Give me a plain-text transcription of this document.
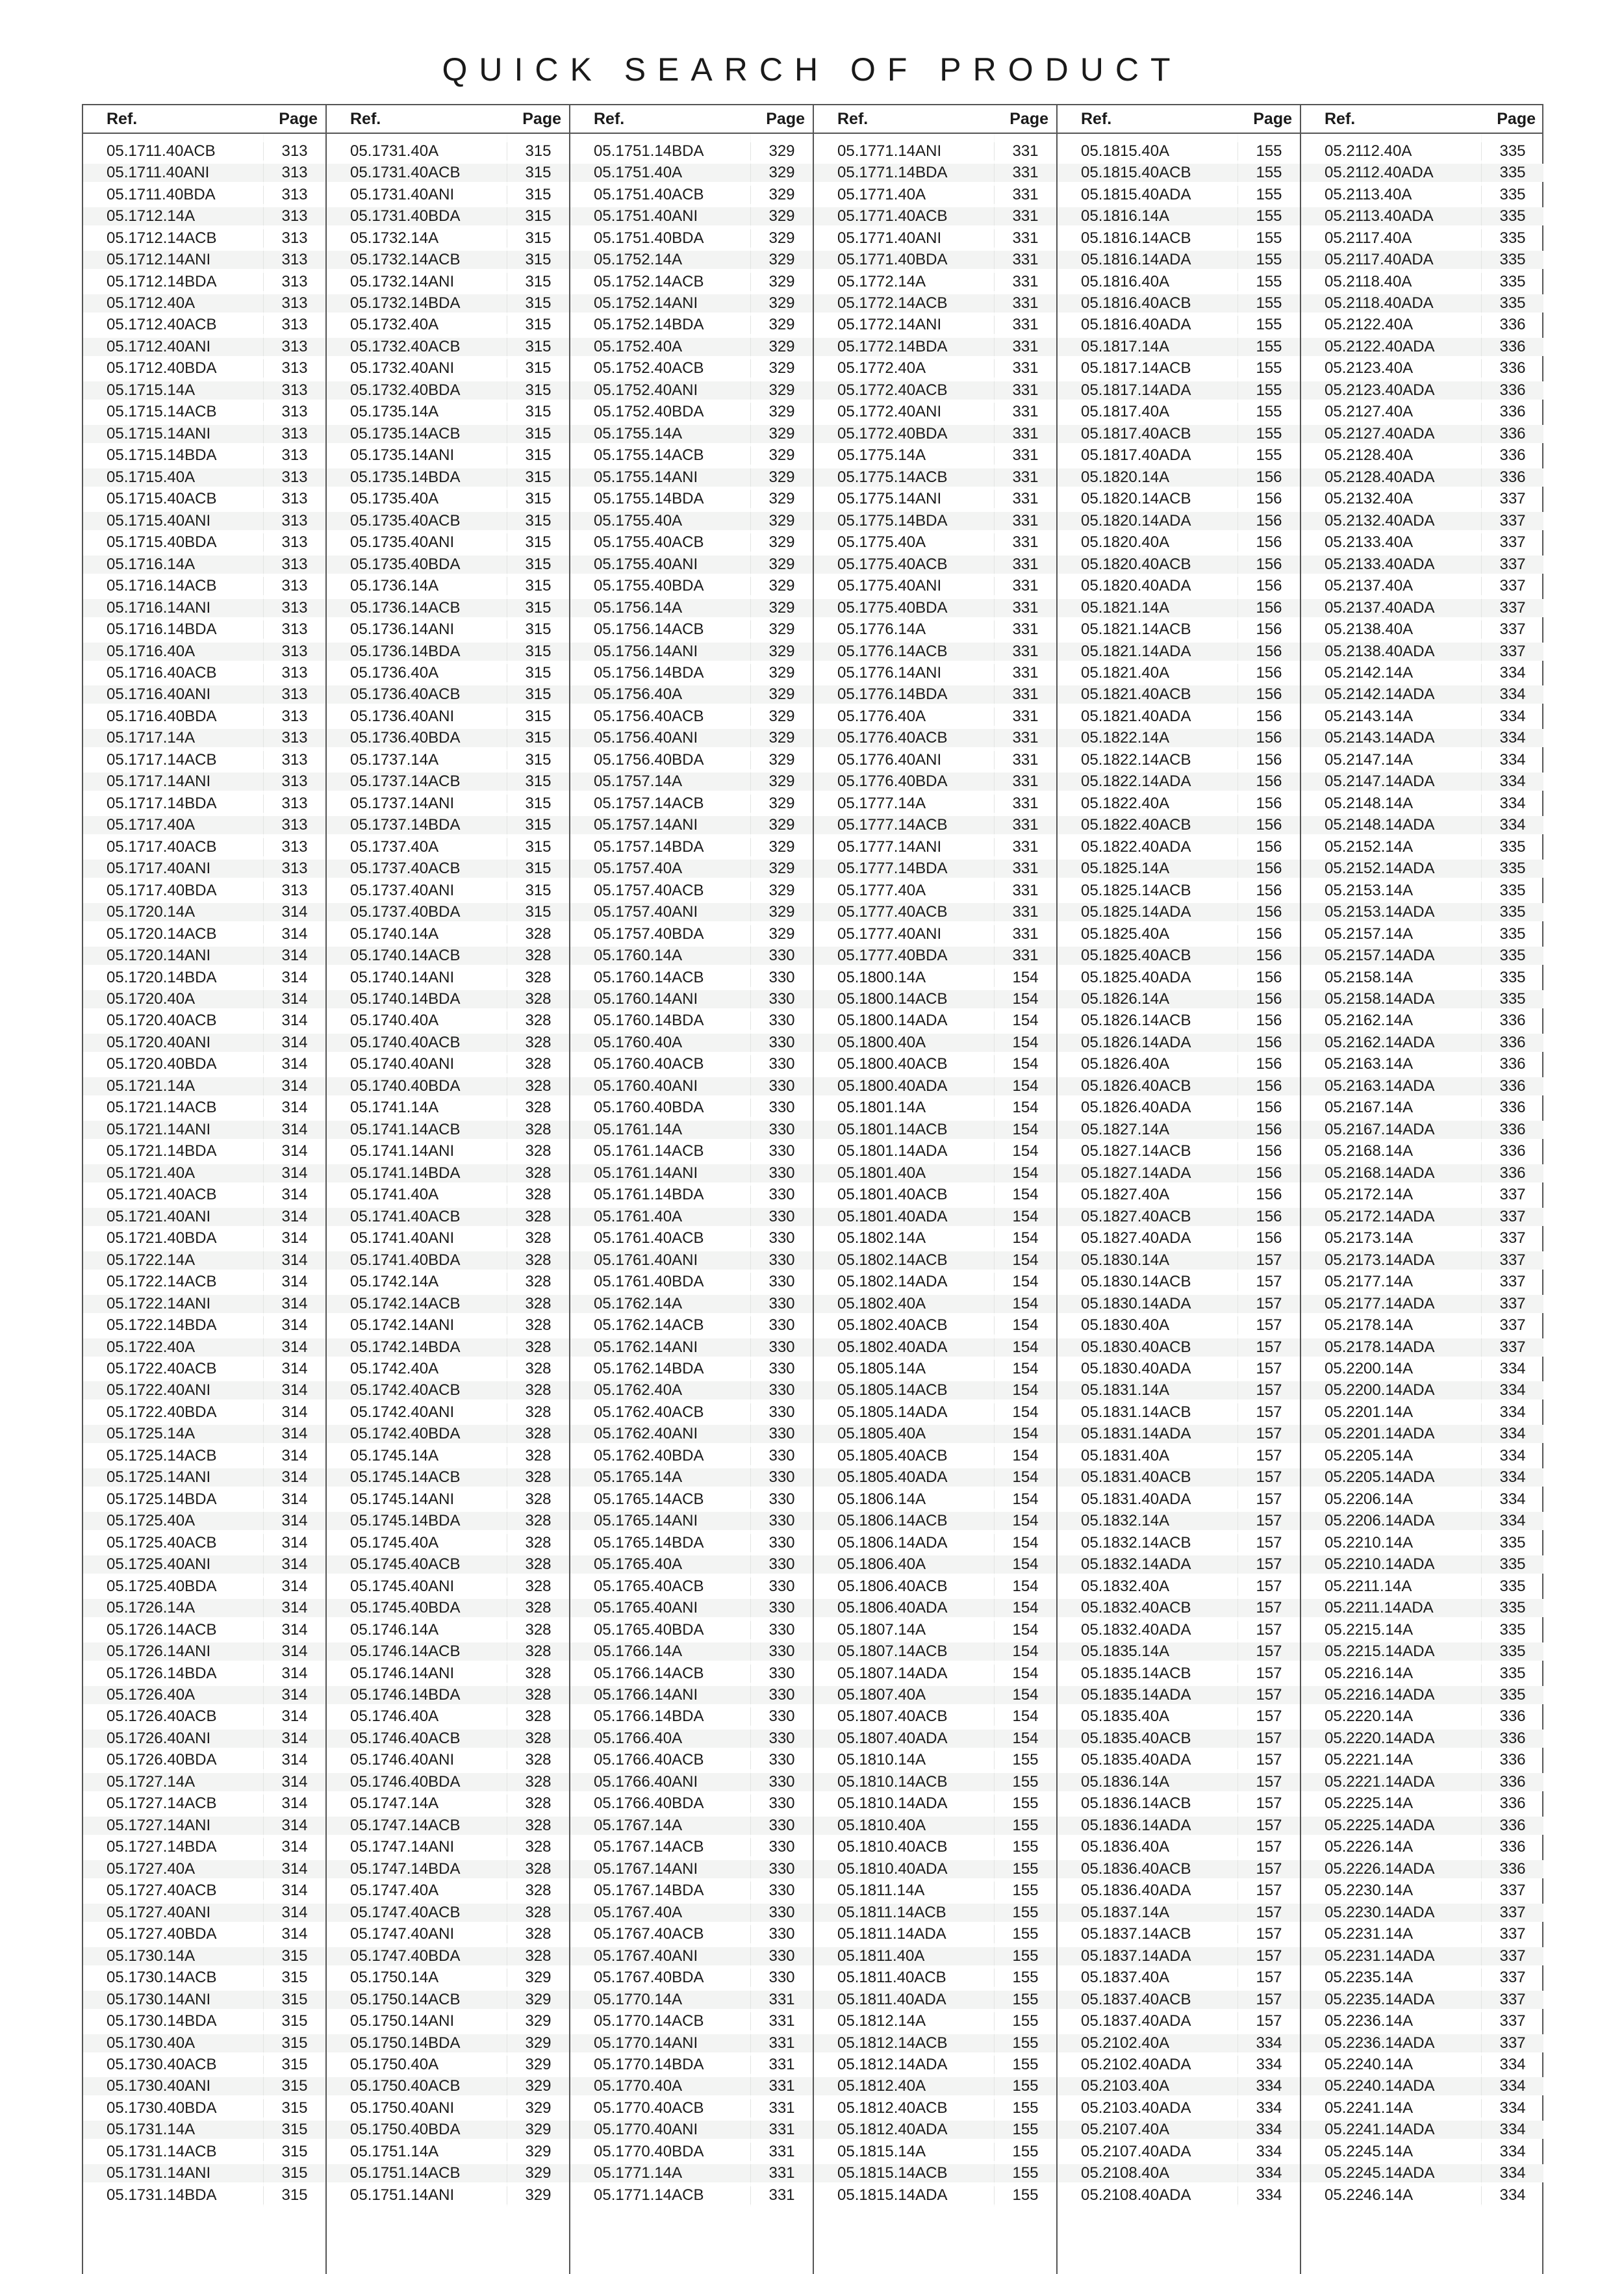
QUICK SEARCH OF PRODUCT
Ref.	Page
05.1711.40ACB	313
05.1711.40ANI	313
05.1711.40BDA	313
05.1712.14A	313
05.1712.14ACB	313
05.1712.14ANI	313
05.1712.14BDA	313
05.1712.40A	313
05.1712.40ACB	313
05.1712.40ANI	313
05.1712.40BDA	313
05.1715.14A	313
05.1715.14ACB	313
05.1715.14ANI	313
05.1715.14BDA	313
05.1715.40A	313
05.1715.40ACB	313
05.1715.40ANI	313
05.1715.40BDA	313
05.1716.14A	313
05.1716.14ACB	313
05.1716.14ANI	313
05.1716.14BDA	313
05.1716.40A	313
05.1716.40ACB	313
05.1716.40ANI	313
05.1716.40BDA	313
05.1717.14A	313
05.1717.14ACB	313
05.1717.14ANI	313
05.1717.14BDA	313
05.1717.40A	313
05.1717.40ACB	313
05.1717.40ANI	313
05.1717.40BDA	313
05.1720.14A	314
05.1720.14ACB	314
05.1720.14ANI	314
05.1720.14BDA	314
05.1720.40A	314
05.1720.40ACB	314
05.1720.40ANI	314
05.1720.40BDA	314
05.1721.14A	314
05.1721.14ACB	314
05.1721.14ANI	314
05.1721.14BDA	314
05.1721.40A	314
05.1721.40ACB	314
05.1721.40ANI	314
05.1721.40BDA	314
05.1722.14A	314
05.1722.14ACB	314
05.1722.14ANI	314
05.1722.14BDA	314
05.1722.40A	314
05.1722.40ACB	314
05.1722.40ANI	314
05.1722.40BDA	314
05.1725.14A	314
05.1725.14ACB	314
05.1725.14ANI	314
05.1725.14BDA	314
05.1725.40A	314
05.1725.40ACB	314
05.1725.40ANI	314
05.1725.40BDA	314
05.1726.14A	314
05.1726.14ACB	314
05.1726.14ANI	314
05.1726.14BDA	314
05.1726.40A	314
05.1726.40ACB	314
05.1726.40ANI	314
05.1726.40BDA	314
05.1727.14A	314
05.1727.14ACB	314
05.1727.14ANI	314
05.1727.14BDA	314
05.1727.40A	314
05.1727.40ACB	314
05.1727.40ANI	314
05.1727.40BDA	314
05.1730.14A	315
05.1730.14ACB	315
05.1730.14ANI	315
05.1730.14BDA	315
05.1730.40A	315
05.1730.40ACB	315
05.1730.40ANI	315
05.1730.40BDA	315
05.1731.14A	315
05.1731.14ACB	315
05.1731.14ANI	315
05.1731.14BDA	315
Ref.	Page
05.1731.40A	315
05.1731.40ACB	315
05.1731.40ANI	315
05.1731.40BDA	315
05.1732.14A	315
05.1732.14ACB	315
05.1732.14ANI	315
05.1732.14BDA	315
05.1732.40A	315
05.1732.40ACB	315
05.1732.40ANI	315
05.1732.40BDA	315
05.1735.14A	315
05.1735.14ACB	315
05.1735.14ANI	315
05.1735.14BDA	315
05.1735.40A	315
05.1735.40ACB	315
05.1735.40ANI	315
05.1735.40BDA	315
05.1736.14A	315
05.1736.14ACB	315
05.1736.14ANI	315
05.1736.14BDA	315
05.1736.40A	315
05.1736.40ACB	315
05.1736.40ANI	315
05.1736.40BDA	315
05.1737.14A	315
05.1737.14ACB	315
05.1737.14ANI	315
05.1737.14BDA	315
05.1737.40A	315
05.1737.40ACB	315
05.1737.40ANI	315
05.1737.40BDA	315
05.1740.14A	328
05.1740.14ACB	328
05.1740.14ANI	328
05.1740.14BDA	328
05.1740.40A	328
05.1740.40ACB	328
05.1740.40ANI	328
05.1740.40BDA	328
05.1741.14A	328
05.1741.14ACB	328
05.1741.14ANI	328
05.1741.14BDA	328
05.1741.40A	328
05.1741.40ACB	328
05.1741.40ANI	328
05.1741.40BDA	328
05.1742.14A	328
05.1742.14ACB	328
05.1742.14ANI	328
05.1742.14BDA	328
05.1742.40A	328
05.1742.40ACB	328
05.1742.40ANI	328
05.1742.40BDA	328
05.1745.14A	328
05.1745.14ACB	328
05.1745.14ANI	328
05.1745.14BDA	328
05.1745.40A	328
05.1745.40ACB	328
05.1745.40ANI	328
05.1745.40BDA	328
05.1746.14A	328
05.1746.14ACB	328
05.1746.14ANI	328
05.1746.14BDA	328
05.1746.40A	328
05.1746.40ACB	328
05.1746.40ANI	328
05.1746.40BDA	328
05.1747.14A	328
05.1747.14ACB	328
05.1747.14ANI	328
05.1747.14BDA	328
05.1747.40A	328
05.1747.40ACB	328
05.1747.40ANI	328
05.1747.40BDA	328
05.1750.14A	329
05.1750.14ACB	329
05.1750.14ANI	329
05.1750.14BDA	329
05.1750.40A	329
05.1750.40ACB	329
05.1750.40ANI	329
05.1750.40BDA	329
05.1751.14A	329
05.1751.14ACB	329
05.1751.14ANI	329
Ref.	Page
05.1751.14BDA	329
05.1751.40A	329
05.1751.40ACB	329
05.1751.40ANI	329
05.1751.40BDA	329
05.1752.14A	329
05.1752.14ACB	329
05.1752.14ANI	329
05.1752.14BDA	329
05.1752.40A	329
05.1752.40ACB	329
05.1752.40ANI	329
05.1752.40BDA	329
05.1755.14A	329
05.1755.14ACB	329
05.1755.14ANI	329
05.1755.14BDA	329
05.1755.40A	329
05.1755.40ACB	329
05.1755.40ANI	329
05.1755.40BDA	329
05.1756.14A	329
05.1756.14ACB	329
05.1756.14ANI	329
05.1756.14BDA	329
05.1756.40A	329
05.1756.40ACB	329
05.1756.40ANI	329
05.1756.40BDA	329
05.1757.14A	329
05.1757.14ACB	329
05.1757.14ANI	329
05.1757.14BDA	329
05.1757.40A	329
05.1757.40ACB	329
05.1757.40ANI	329
05.1757.40BDA	329
05.1760.14A	330
05.1760.14ACB	330
05.1760.14ANI	330
05.1760.14BDA	330
05.1760.40A	330
05.1760.40ACB	330
05.1760.40ANI	330
05.1760.40BDA	330
05.1761.14A	330
05.1761.14ACB	330
05.1761.14ANI	330
05.1761.14BDA	330
05.1761.40A	330
05.1761.40ACB	330
05.1761.40ANI	330
05.1761.40BDA	330
05.1762.14A	330
05.1762.14ACB	330
05.1762.14ANI	330
05.1762.14BDA	330
05.1762.40A	330
05.1762.40ACB	330
05.1762.40ANI	330
05.1762.40BDA	330
05.1765.14A	330
05.1765.14ACB	330
05.1765.14ANI	330
05.1765.14BDA	330
05.1765.40A	330
05.1765.40ACB	330
05.1765.40ANI	330
05.1765.40BDA	330
05.1766.14A	330
05.1766.14ACB	330
05.1766.14ANI	330
05.1766.14BDA	330
05.1766.40A	330
05.1766.40ACB	330
05.1766.40ANI	330
05.1766.40BDA	330
05.1767.14A	330
05.1767.14ACB	330
05.1767.14ANI	330
05.1767.14BDA	330
05.1767.40A	330
05.1767.40ACB	330
05.1767.40ANI	330
05.1767.40BDA	330
05.1770.14A	331
05.1770.14ACB	331
05.1770.14ANI	331
05.1770.14BDA	331
05.1770.40A	331
05.1770.40ACB	331
05.1770.40ANI	331
05.1770.40BDA	331
05.1771.14A	331
05.1771.14ACB	331
Ref.	Page
05.1771.14ANI	331
05.1771.14BDA	331
05.1771.40A	331
05.1771.40ACB	331
05.1771.40ANI	331
05.1771.40BDA	331
05.1772.14A	331
05.1772.14ACB	331
05.1772.14ANI	331
05.1772.14BDA	331
05.1772.40A	331
05.1772.40ACB	331
05.1772.40ANI	331
05.1772.40BDA	331
05.1775.14A	331
05.1775.14ACB	331
05.1775.14ANI	331
05.1775.14BDA	331
05.1775.40A	331
05.1775.40ACB	331
05.1775.40ANI	331
05.1775.40BDA	331
05.1776.14A	331
05.1776.14ACB	331
05.1776.14ANI	331
05.1776.14BDA	331
05.1776.40A	331
05.1776.40ACB	331
05.1776.40ANI	331
05.1776.40BDA	331
05.1777.14A	331
05.1777.14ACB	331
05.1777.14ANI	331
05.1777.14BDA	331
05.1777.40A	331
05.1777.40ACB	331
05.1777.40ANI	331
05.1777.40BDA	331
05.1800.14A	154
05.1800.14ACB	154
05.1800.14ADA	154
05.1800.40A	154
05.1800.40ACB	154
05.1800.40ADA	154
05.1801.14A	154
05.1801.14ACB	154
05.1801.14ADA	154
05.1801.40A	154
05.1801.40ACB	154
05.1801.40ADA	154
05.1802.14A	154
05.1802.14ACB	154
05.1802.14ADA	154
05.1802.40A	154
05.1802.40ACB	154
05.1802.40ADA	154
05.1805.14A	154
05.1805.14ACB	154
05.1805.14ADA	154
05.1805.40A	154
05.1805.40ACB	154
05.1805.40ADA	154
05.1806.14A	154
05.1806.14ACB	154
05.1806.14ADA	154
05.1806.40A	154
05.1806.40ACB	154
05.1806.40ADA	154
05.1807.14A	154
05.1807.14ACB	154
05.1807.14ADA	154
05.1807.40A	154
05.1807.40ACB	154
05.1807.40ADA	154
05.1810.14A	155
05.1810.14ACB	155
05.1810.14ADA	155
05.1810.40A	155
05.1810.40ACB	155
05.1810.40ADA	155
05.1811.14A	155
05.1811.14ACB	155
05.1811.14ADA	155
05.1811.40A	155
05.1811.40ACB	155
05.1811.40ADA	155
05.1812.14A	155
05.1812.14ACB	155
05.1812.14ADA	155
05.1812.40A	155
05.1812.40ACB	155
05.1812.40ADA	155
05.1815.14A	155
05.1815.14ACB	155
05.1815.14ADA	155
Ref.	Page
05.1815.40A	155
05.1815.40ACB	155
05.1815.40ADA	155
05.1816.14A	155
05.1816.14ACB	155
05.1816.14ADA	155
05.1816.40A	155
05.1816.40ACB	155
05.1816.40ADA	155
05.1817.14A	155
05.1817.14ACB	155
05.1817.14ADA	155
05.1817.40A	155
05.1817.40ACB	155
05.1817.40ADA	155
05.1820.14A	156
05.1820.14ACB	156
05.1820.14ADA	156
05.1820.40A	156
05.1820.40ACB	156
05.1820.40ADA	156
05.1821.14A	156
05.1821.14ACB	156
05.1821.14ADA	156
05.1821.40A	156
05.1821.40ACB	156
05.1821.40ADA	156
05.1822.14A	156
05.1822.14ACB	156
05.1822.14ADA	156
05.1822.40A	156
05.1822.40ACB	156
05.1822.40ADA	156
05.1825.14A	156
05.1825.14ACB	156
05.1825.14ADA	156
05.1825.40A	156
05.1825.40ACB	156
05.1825.40ADA	156
05.1826.14A	156
05.1826.14ACB	156
05.1826.14ADA	156
05.1826.40A	156
05.1826.40ACB	156
05.1826.40ADA	156
05.1827.14A	156
05.1827.14ACB	156
05.1827.14ADA	156
05.1827.40A	156
05.1827.40ACB	156
05.1827.40ADA	156
05.1830.14A	157
05.1830.14ACB	157
05.1830.14ADA	157
05.1830.40A	157
05.1830.40ACB	157
05.1830.40ADA	157
05.1831.14A	157
05.1831.14ACB	157
05.1831.14ADA	157
05.1831.40A	157
05.1831.40ACB	157
05.1831.40ADA	157
05.1832.14A	157
05.1832.14ACB	157
05.1832.14ADA	157
05.1832.40A	157
05.1832.40ACB	157
05.1832.40ADA	157
05.1835.14A	157
05.1835.14ACB	157
05.1835.14ADA	157
05.1835.40A	157
05.1835.40ACB	157
05.1835.40ADA	157
05.1836.14A	157
05.1836.14ACB	157
05.1836.14ADA	157
05.1836.40A	157
05.1836.40ACB	157
05.1836.40ADA	157
05.1837.14A	157
05.1837.14ACB	157
05.1837.14ADA	157
05.1837.40A	157
05.1837.40ACB	157
05.1837.40ADA	157
05.2102.40A	334
05.2102.40ADA	334
05.2103.40A	334
05.2103.40ADA	334
05.2107.40A	334
05.2107.40ADA	334
05.2108.40A	334
05.2108.40ADA	334
Ref.	Page
05.2112.40A	335
05.2112.40ADA	335
05.2113.40A	335
05.2113.40ADA	335
05.2117.40A	335
05.2117.40ADA	335
05.2118.40A	335
05.2118.40ADA	335
05.2122.40A	336
05.2122.40ADA	336
05.2123.40A	336
05.2123.40ADA	336
05.2127.40A	336
05.2127.40ADA	336
05.2128.40A	336
05.2128.40ADA	336
05.2132.40A	337
05.2132.40ADA	337
05.2133.40A	337
05.2133.40ADA	337
05.2137.40A	337
05.2137.40ADA	337
05.2138.40A	337
05.2138.40ADA	337
05.2142.14A	334
05.2142.14ADA	334
05.2143.14A	334
05.2143.14ADA	334
05.2147.14A	334
05.2147.14ADA	334
05.2148.14A	334
05.2148.14ADA	334
05.2152.14A	335
05.2152.14ADA	335
05.2153.14A	335
05.2153.14ADA	335
05.2157.14A	335
05.2157.14ADA	335
05.2158.14A	335
05.2158.14ADA	335
05.2162.14A	336
05.2162.14ADA	336
05.2163.14A	336
05.2163.14ADA	336
05.2167.14A	336
05.2167.14ADA	336
05.2168.14A	336
05.2168.14ADA	336
05.2172.14A	337
05.2172.14ADA	337
05.2173.14A	337
05.2173.14ADA	337
05.2177.14A	337
05.2177.14ADA	337
05.2178.14A	337
05.2178.14ADA	337
05.2200.14A	334
05.2200.14ADA	334
05.2201.14A	334
05.2201.14ADA	334
05.2205.14A	334
05.2205.14ADA	334
05.2206.14A	334
05.2206.14ADA	334
05.2210.14A	335
05.2210.14ADA	335
05.2211.14A	335
05.2211.14ADA	335
05.2215.14A	335
05.2215.14ADA	335
05.2216.14A	335
05.2216.14ADA	335
05.2220.14A	336
05.2220.14ADA	336
05.2221.14A	336
05.2221.14ADA	336
05.2225.14A	336
05.2225.14ADA	336
05.2226.14A	336
05.2226.14ADA	336
05.2230.14A	337
05.2230.14ADA	337
05.2231.14A	337
05.2231.14ADA	337
05.2235.14A	337
05.2235.14ADA	337
05.2236.14A	337
05.2236.14ADA	337
05.2240.14A	334
05.2240.14ADA	334
05.2241.14A	334
05.2241.14ADA	334
05.2245.14A	334
05.2245.14ADA	334
05.2246.14A	334
